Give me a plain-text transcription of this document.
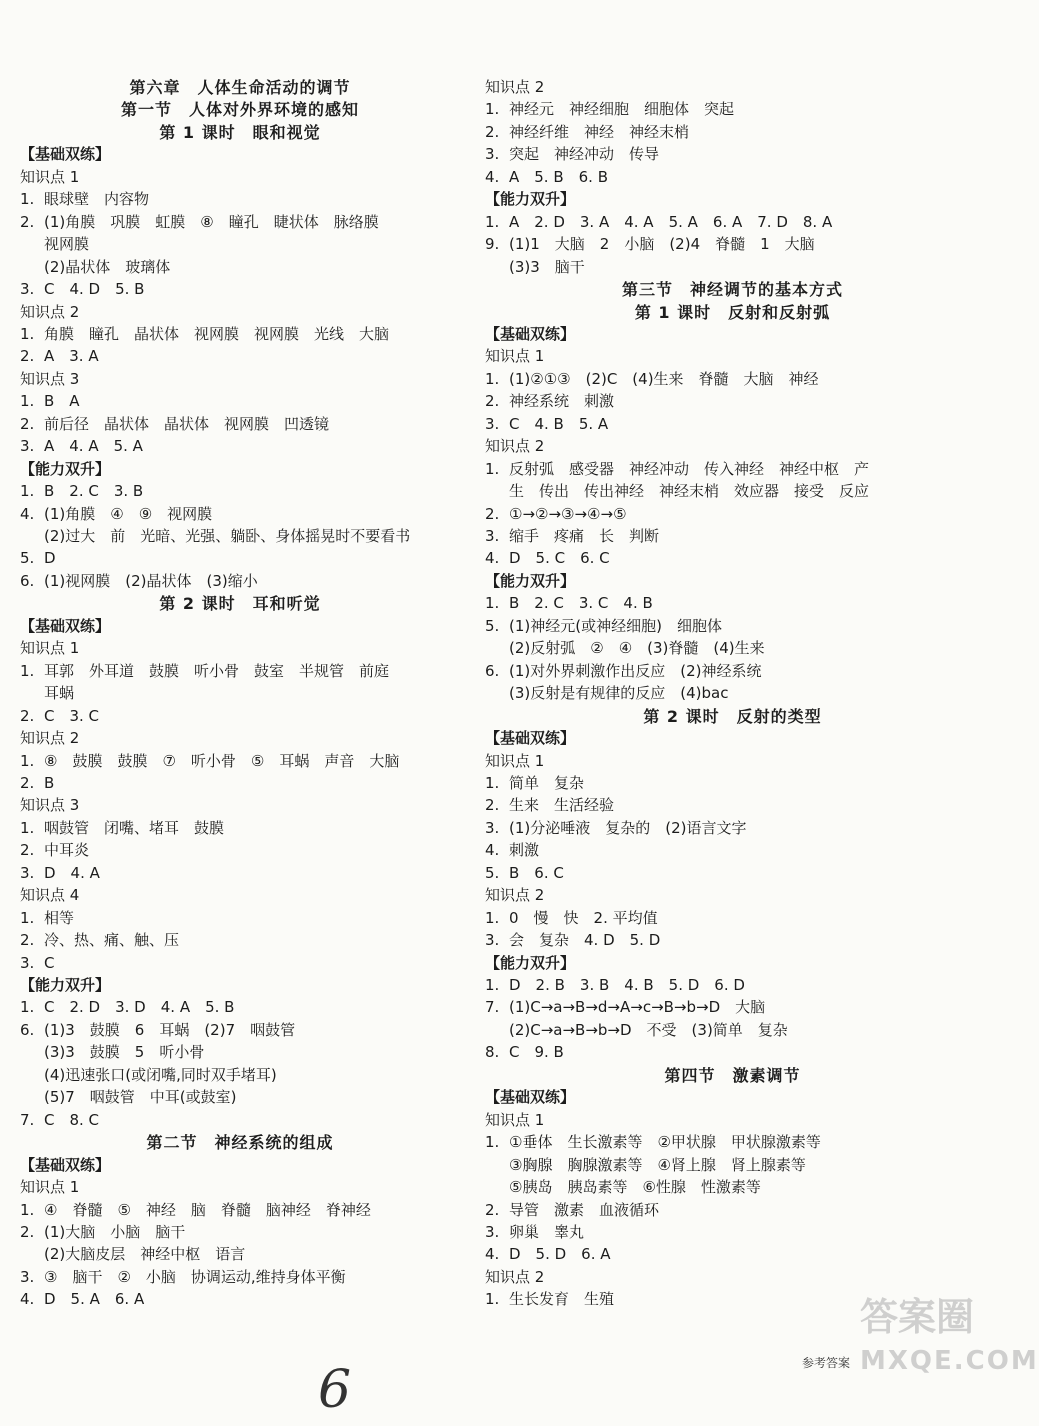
第六章　人体生命活动的调节
第一节　人体对外界环境的感知
第 1 课时　眼和视觉
【基础双练】
知识点 1
1. 眼球壁　内容物
2. (1)角膜　巩膜　虹膜　⑧　瞳孔　睫状体　脉络膜
视网膜
(2)晶状体　玻璃体
3. C　4. D　5. B
知识点 2
1. 角膜　瞳孔　晶状体　视网膜　视网膜　光线　大脑
2. A　3. A
知识点 3
1. B　A
2. 前后径　晶状体　晶状体　视网膜　凹透镜
3. A　4. A　5. A
【能力双升】
1. B　2. C　3. B
4. (1)角膜　④　⑨　视网膜
(2)过大　前　光暗、光强、躺卧、身体摇晃时不要看书
5. D
6. (1)视网膜　(2)晶状体　(3)缩小
第 2 课时　耳和听觉
【基础双练】
知识点 1
1. 耳郭　外耳道　鼓膜　听小骨　鼓室　半规管　前庭
耳蜗
2. C　3. C
知识点 2
1. ⑧　鼓膜　鼓膜　⑦　听小骨　⑤　耳蜗　声音　大脑
2. B
知识点 3
1. 咽鼓管　闭嘴、堵耳　鼓膜
2. 中耳炎
3. D　4. A
知识点 4
1. 相等
2. 冷、热、痛、触、压
3. C
【能力双升】
1. C　2. D　3. D　4. A　5. B
6. (1)3　鼓膜　6　耳蜗　(2)7　咽鼓管
(3)3　鼓膜　5　听小骨
(4)迅速张口(或闭嘴,同时双手堵耳)
(5)7　咽鼓管　中耳(或鼓室)
7. C　8. C
第二节　神经系统的组成
【基础双练】
知识点 1
1. ④　脊髓　⑤　神经　脑　脊髓　脑神经　脊神经
2. (1)大脑　小脑　脑干
(2)大脑皮层　神经中枢　语言
3. ③　脑干　②　小脑　协调运动,维持身体平衡
4. D　5. A　6. A
知识点 2
1. 神经元　神经细胞　细胞体　突起
2. 神经纤维　神经　神经末梢
3. 突起　神经冲动　传导
4. A　5. B　6. B
【能力双升】
1. A　2. D　3. A　4. A　5. A　6. A　7. D　8. A
9. (1)1　大脑　2　小脑　(2)4　脊髓　1　大脑
(3)3　脑干
第三节　神经调节的基本方式
第 1 课时　反射和反射弧
【基础双练】
知识点 1
1. (1)②①③　(2)C　(4)生来　脊髓　大脑　神经
2. 神经系统　刺激
3. C　4. B　5. A
知识点 2
1. 反射弧　感受器　神经冲动　传入神经　神经中枢　产
生　传出　传出神经　神经末梢　效应器　接受　反应
2. ①→②→③→④→⑤
3. 缩手　疼痛　长　判断
4. D　5. C　6. C
【能力双升】
1. B　2. C　3. C　4. B
5. (1)神经元(或神经细胞)　细胞体
(2)反射弧　②　④　(3)脊髓　(4)生来
6. (1)对外界刺激作出反应　(2)神经系统
(3)反射是有规律的反应　(4)bac
第 2 课时　反射的类型
【基础双练】
知识点 1
1. 简单　复杂
2. 生来　生活经验
3. (1)分泌唾液　复杂的　(2)语言文字
4. 刺激
5. B　6. C
知识点 2
1. 0　慢　快　2. 平均值
3. 会　复杂　4. D　5. D
【能力双升】
1. D　2. B　3. B　4. B　5. D　6. D
7. (1)C→a→B→d→A→c→B→b→D　大脑
(2)C→a→B→b→D　不受　(3)简单　复杂
8. C　9. B
第四节　激素调节
【基础双练】
知识点 1
1. ①垂体　生长激素等　②甲状腺　甲状腺激素等
③胸腺　胸腺激素等　④肾上腺　肾上腺素等
⑤胰岛　胰岛素等　⑥性腺　性激素等
2. 导管　激素　血液循环
3. 卵巢　睾丸
4. D　5. D　6. A
知识点 2
1. 生长发育　生殖
参考答案
6
答案圈
MXQE.COM
